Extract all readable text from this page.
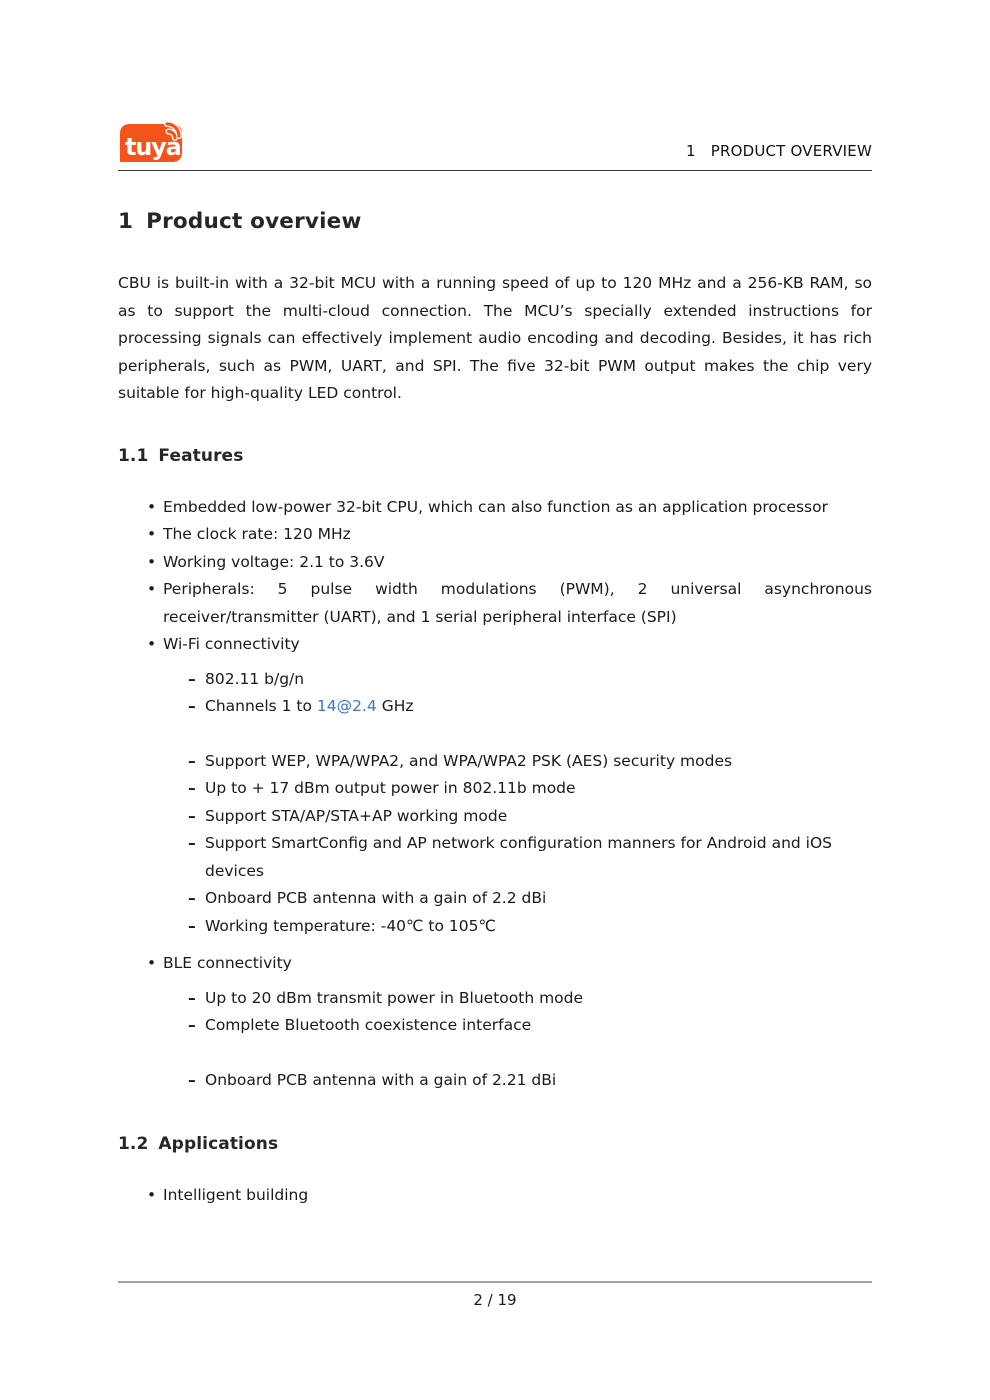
tuya	1 PRODUCT OVERVIEW
1 Product overview

CBU is built-in with a 32-bit MCU with a running speed of up to 120 MHz and a 256-KB RAM, so as to support the multi-cloud connection. The MCU’s specially extended instructions for processing signals can effectively implement audio encoding and decoding. Besides, it has rich peripherals, such as PWM, UART, and SPI. The five 32-bit PWM output makes the chip very suitable for high-quality LED control.

1.1 Features
• Embedded low-power 32-bit CPU, which can also function as an application processor
• The clock rate: 120 MHz
• Working voltage: 2.1 to 3.6V
• Peripherals: 5 pulse width modulations (PWM), 2 universal asynchronous receiver/transmitter (UART), and 1 serial peripheral interface (SPI)
• Wi-Fi connectivity
– 802.11 b/g/n
– Channels 1 to 14@2.4 GHz
– Support WEP, WPA/WPA2, and WPA/WPA2 PSK (AES) security modes
– Up to + 17 dBm output power in 802.11b mode
– Support STA/AP/STA+AP working mode
– Support SmartConfig and AP network configuration manners for Android and iOS devices
– Onboard PCB antenna with a gain of 2.2 dBi
– Working temperature: -40℃ to 105℃
• BLE connectivity
– Up to 20 dBm transmit power in Bluetooth mode
– Complete Bluetooth coexistence interface
– Onboard PCB antenna with a gain of 2.21 dBi
1.2 Applications
• Intelligent building
2 / 19
